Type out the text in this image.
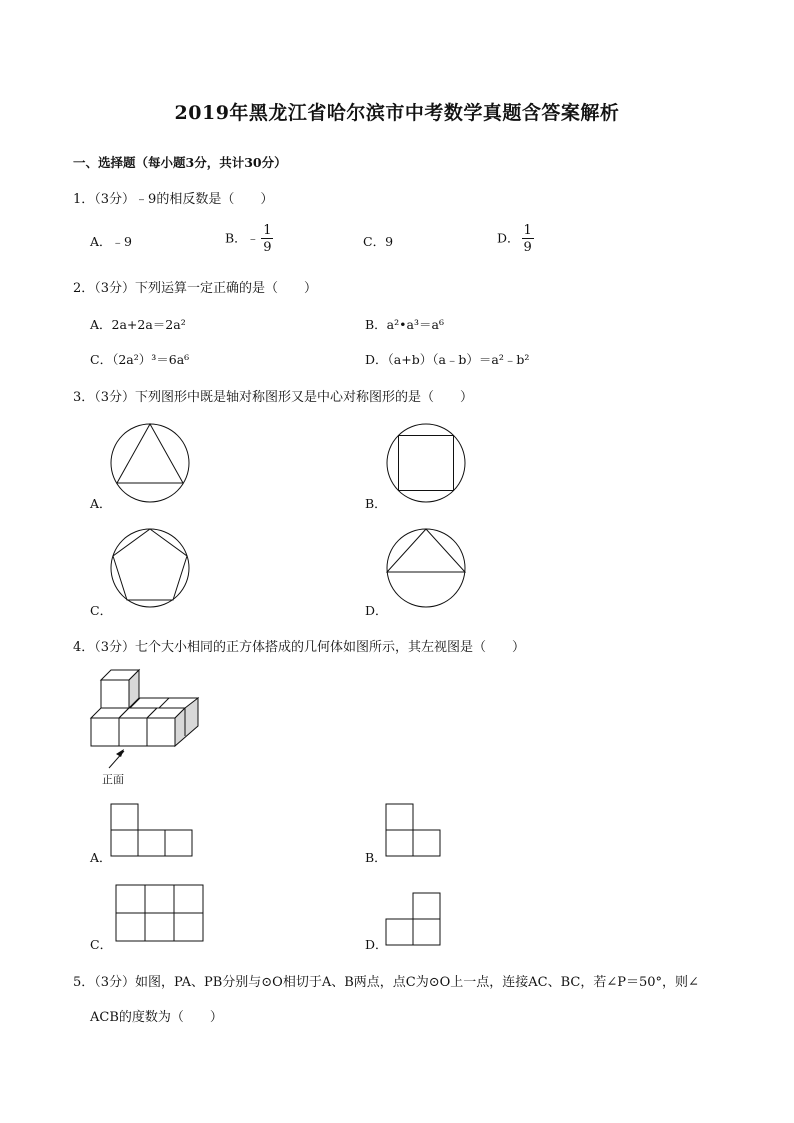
2019年黑龙江省哈尔滨市中考数学真题含答案解析
一、选择题（每小题3分，共计30分）
1．（3分）﹣9的相反数是（　　）
A．﹣9	B．﹣ $\frac{1}{9}$	C．9	D． $\frac{1}{9}$
2．（3分）下列运算一定正确的是（　　）
A．2a+2a＝2a²	B．a²•a³＝a⁶
C．（2a²）³＝6a⁶	D．（a+b）（a﹣b）＝a²﹣b²
3．（3分）下列图形中既是轴对称图形又是中心对称图形的是（　　）
A．	B．
C．	D．
4．（3分）七个大小相同的正方体搭成的几何体如图所示，其左视图是（　　）
正面
A．	B．
C．	D．
5．（3分）如图，PA、PB分别与⊙O相切于A、B两点，点C为⊙O上一点，连接AC、BC，若∠P＝50°，则∠
ACB的度数为（　　）
